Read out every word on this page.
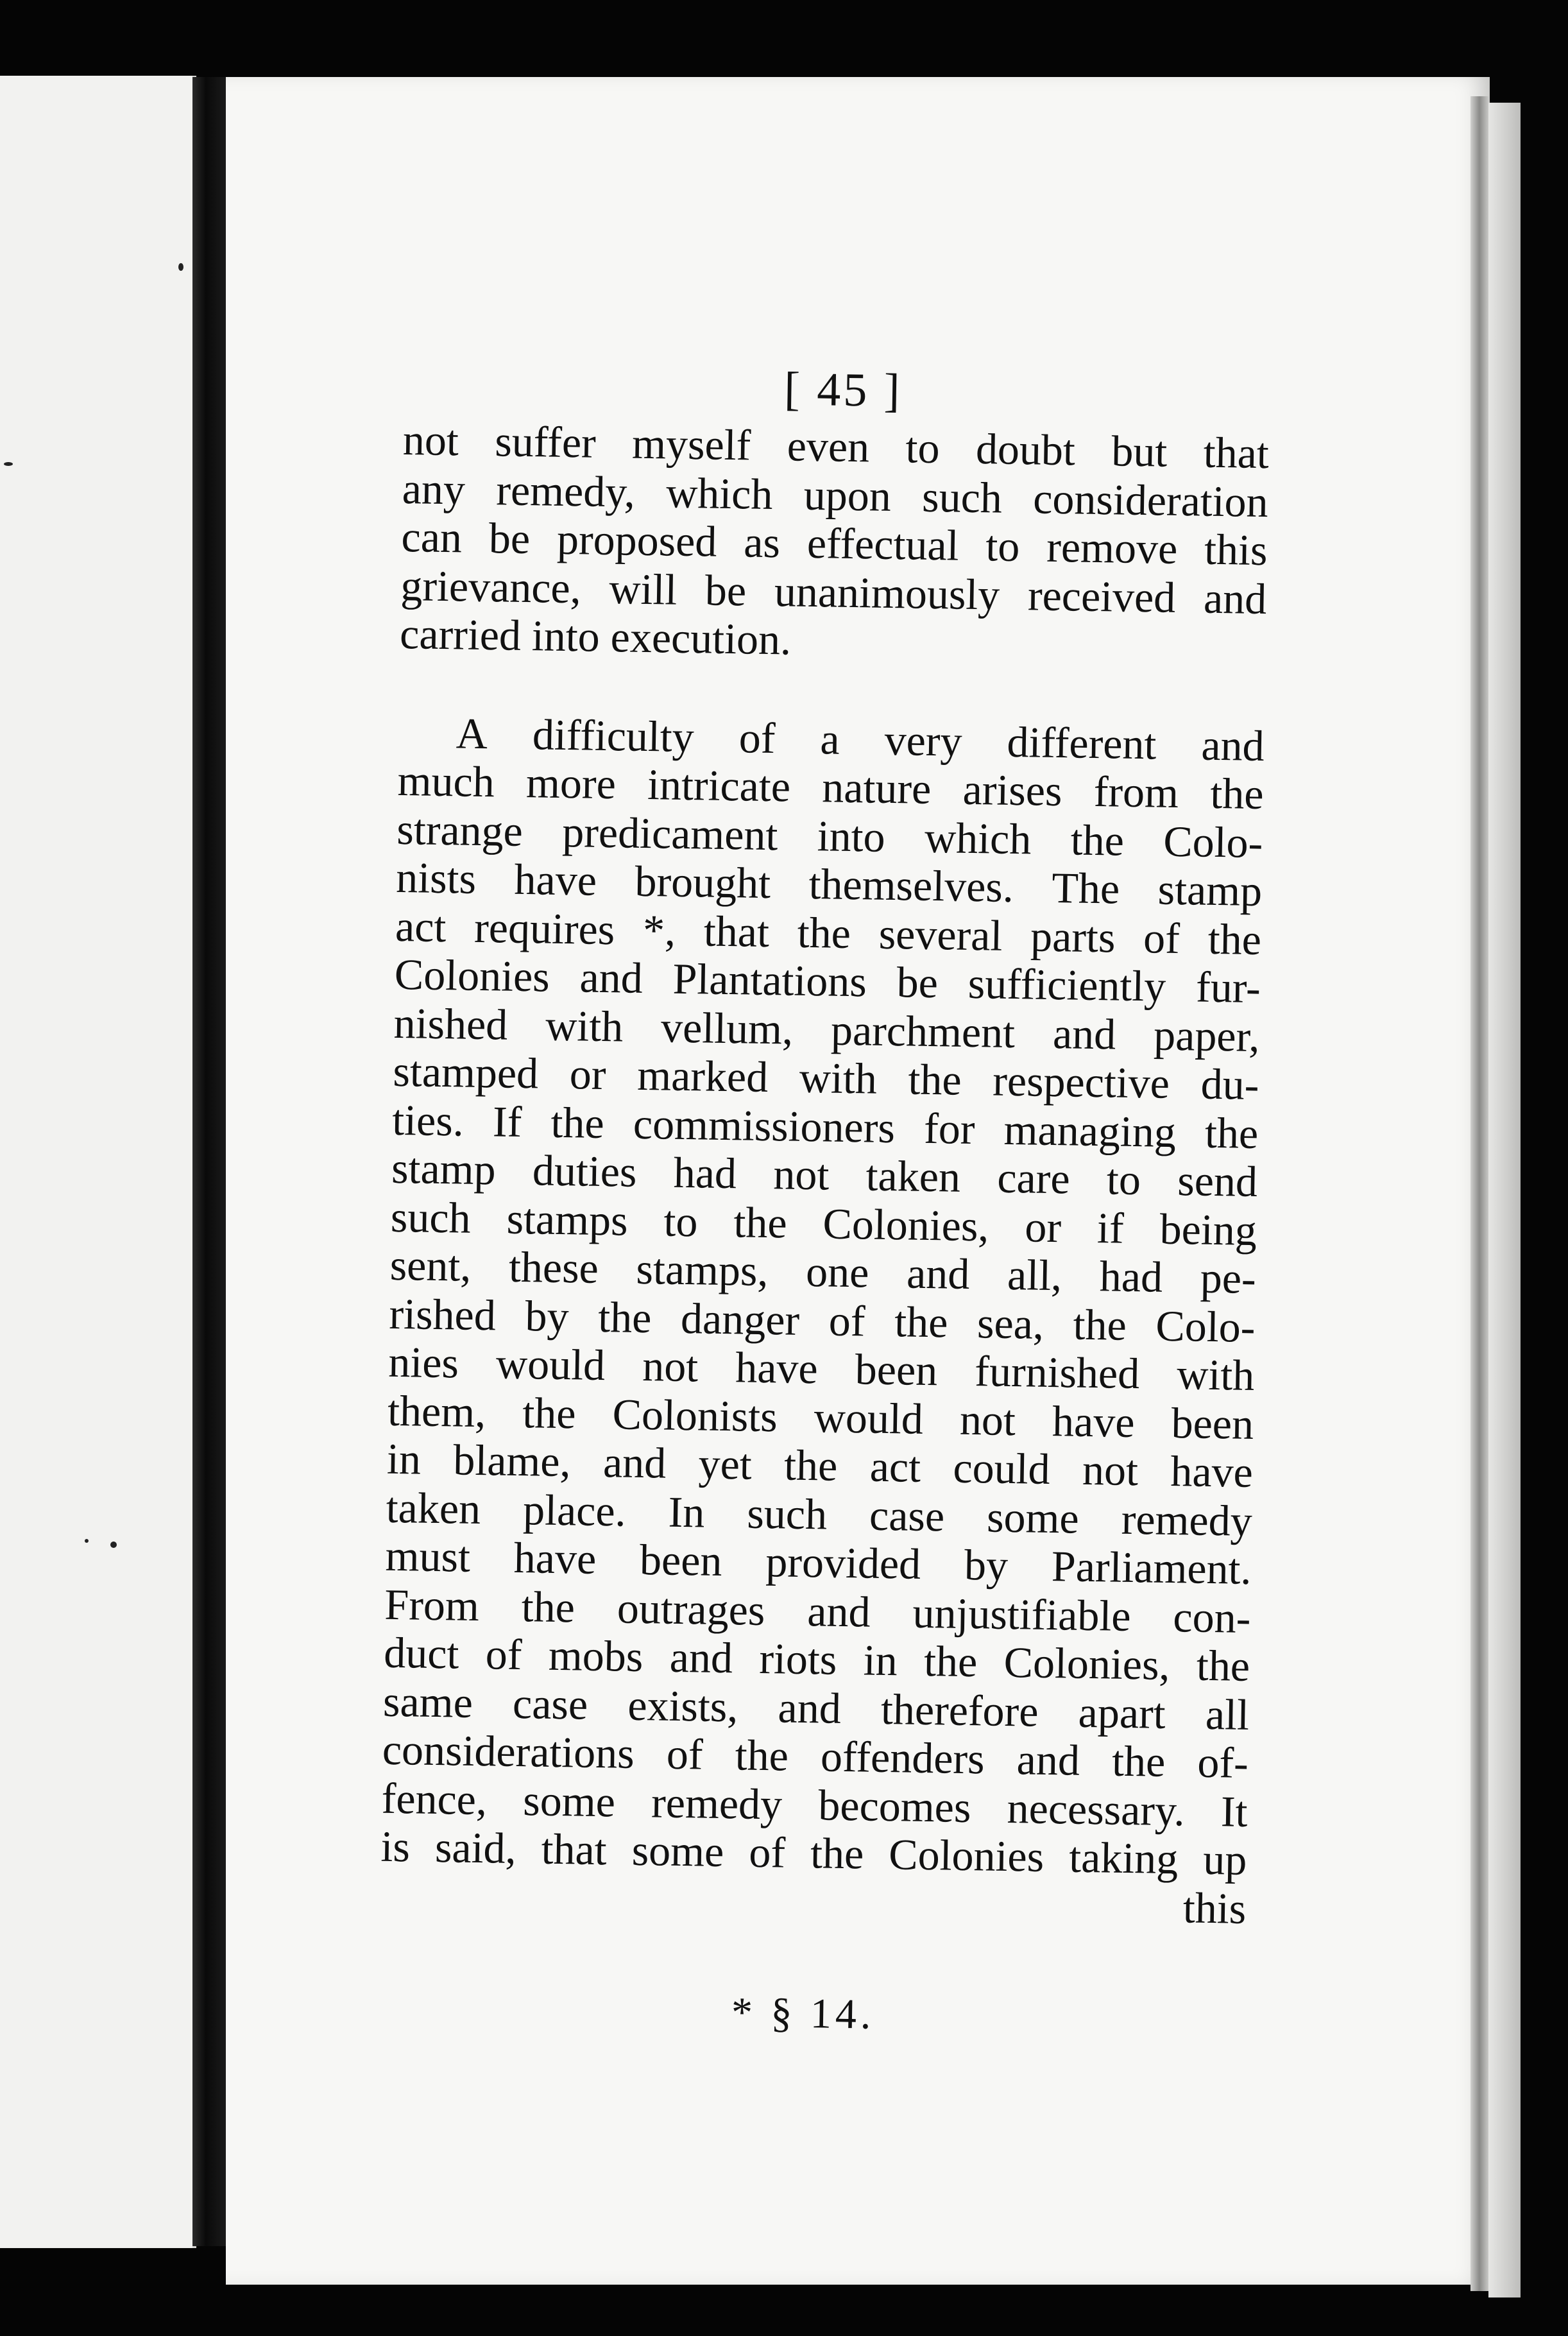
[ 45 ]
not suffer myself even to doubt but that
any remedy, which upon such consideration
can be proposed as effectual to remove this
grievance, will be unanimously received and
carried into execution.
A difficulty of a very different and
much more intricate nature arises from the
strange predicament into which the Colo-
nists have brought themselves. The stamp
act requires *, that the several parts of the
Colonies and Plantations be sufficiently fur-
nished with vellum, parchment and paper,
stamped or marked with the respective du-
ties. If the commissioners for managing the
stamp duties had not taken care to send
such stamps to the Colonies, or if being
sent, these stamps, one and all, had pe-
rished by the danger of the sea, the Colo-
nies would not have been furnished with
them, the Colonists would not have been
in blame, and yet the act could not have
taken place. In such case some remedy
must have been provided by Parliament.
From the outrages and unjustifiable con-
duct of mobs and riots in the Colonies, the
same case exists, and therefore apart all
considerations of the offenders and the of-
fence, some remedy becomes necessary. It
is said, that some of the Colonies taking up
this
* § 14.
